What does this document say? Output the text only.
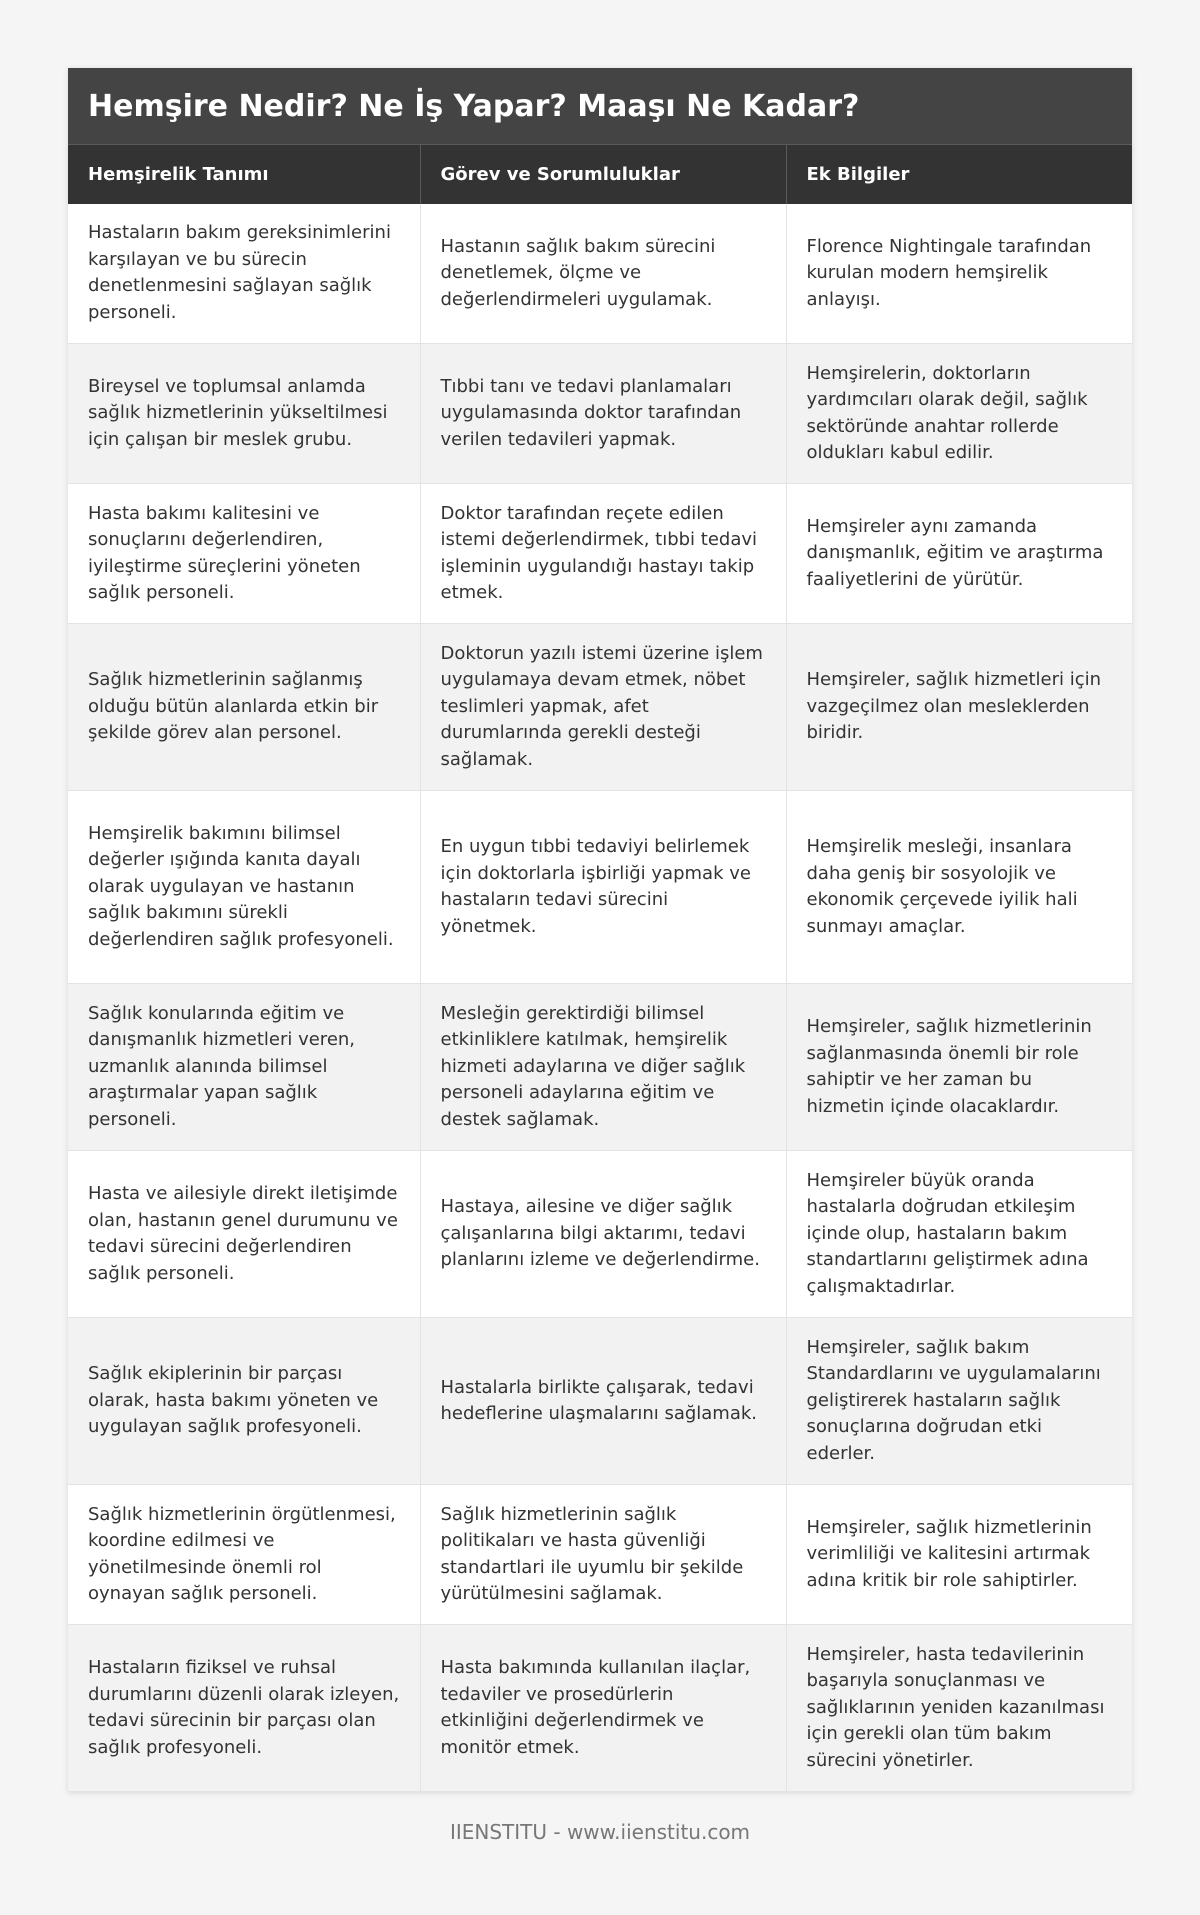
Hemşire Nedir? Ne İş Yapar? Maaşı Ne Kadar?
Hemşirelik Tanımı	Görev ve Sorumluluklar	Ek Bilgiler
Hastaların bakım gereksinimlerini karşılayan ve bu sürecin denetlenmesini sağlayan sağlık personeli.	Hastanın sağlık bakım sürecini denetlemek, ölçme ve değerlendirmeleri uygulamak.	Florence Nightingale tarafından kurulan modern hemşirelik anlayışı.
Bireysel ve toplumsal anlamda sağlık hizmetlerinin yükseltilmesi için çalışan bir meslek grubu.	Tıbbi tanı ve tedavi planlamaları uygulamasında doktor tarafından verilen tedavileri yapmak.	Hemşirelerin, doktorların yardımcıları olarak değil, sağlık sektöründe anahtar rollerde oldukları kabul edilir.
Hasta bakımı kalitesini ve sonuçlarını değerlendiren, iyileştirme süreçlerini yöneten sağlık personeli.	Doktor tarafından reçete edilen istemi değerlendirmek, tıbbi tedavi işleminin uygulandığı hastayı takip etmek.	Hemşireler aynı zamanda danışmanlık, eğitim ve araştırma faaliyetlerini de yürütür.
Sağlık hizmetlerinin sağlanmış olduğu bütün alanlarda etkin bir şekilde görev alan personel.	Doktorun yazılı istemi üzerine işlem uygulamaya devam etmek, nöbet teslimleri yapmak, afet durumlarında gerekli desteği sağlamak.	Hemşireler, sağlık hizmetleri için vazgeçilmez olan mesleklerden biridir.
Hemşirelik bakımını bilimsel değerler ışığında kanıta dayalı olarak uygulayan ve hastanın sağlık bakımını sürekli değerlendiren sağlık profesyoneli.	En uygun tıbbi tedaviyi belirlemek için doktorlarla işbirliği yapmak ve hastaların tedavi sürecini yönetmek.	Hemşirelik mesleği, insanlara daha geniş bir sosyolojik ve ekonomik çerçevede iyilik hali sunmayı amaçlar.
Sağlık konularında eğitim ve danışmanlık hizmetleri veren, uzmanlık alanında bilimsel araştırmalar yapan sağlık personeli.	Mesleğin gerektirdiği bilimsel etkinliklere katılmak, hemşirelik hizmeti adaylarına ve diğer sağlık personeli adaylarına eğitim ve destek sağlamak.	Hemşireler, sağlık hizmetlerinin sağlanmasında önemli bir role sahiptir ve her zaman bu hizmetin içinde olacaklardır.
Hasta ve ailesiyle direkt iletişimde olan, hastanın genel durumunu ve tedavi sürecini değerlendiren sağlık personeli.	Hastaya, ailesine ve diğer sağlık çalışanlarına bilgi aktarımı, tedavi planlarını izleme ve değerlendirme.	Hemşireler büyük oranda hastalarla doğrudan etkileşim içinde olup, hastaların bakım standartlarını geliştirmek adına çalışmaktadırlar.
Sağlık ekiplerinin bir parçası olarak, hasta bakımı yöneten ve uygulayan sağlık profesyoneli.	Hastalarla birlikte çalışarak, tedavi hedeflerine ulaşmalarını sağlamak.	Hemşireler, sağlık bakım Standardlarını ve uygulamalarını geliştirerek hastaların sağlık sonuçlarına doğrudan etki ederler.
Sağlık hizmetlerinin örgütlenmesi, koordine edilmesi ve yönetilmesinde önemli rol oynayan sağlık personeli.	Sağlık hizmetlerinin sağlık politikaları ve hasta güvenliği standartlari ile uyumlu bir şekilde yürütülmesini sağlamak.	Hemşireler, sağlık hizmetlerinin verimliliği ve kalitesini artırmak adına kritik bir role sahiptirler.
Hastaların fiziksel ve ruhsal durumlarını düzenli olarak izleyen, tedavi sürecinin bir parçası olan sağlık profesyoneli.	Hasta bakımında kullanılan ilaçlar, tedaviler ve prosedürlerin etkinliğini değerlendirmek ve monitör etmek.	Hemşireler, hasta tedavilerinin başarıyla sonuçlanması ve sağlıklarının yeniden kazanılması için gerekli olan tüm bakım sürecini yönetirler.
IIENSTITU - www.iienstitu.com
